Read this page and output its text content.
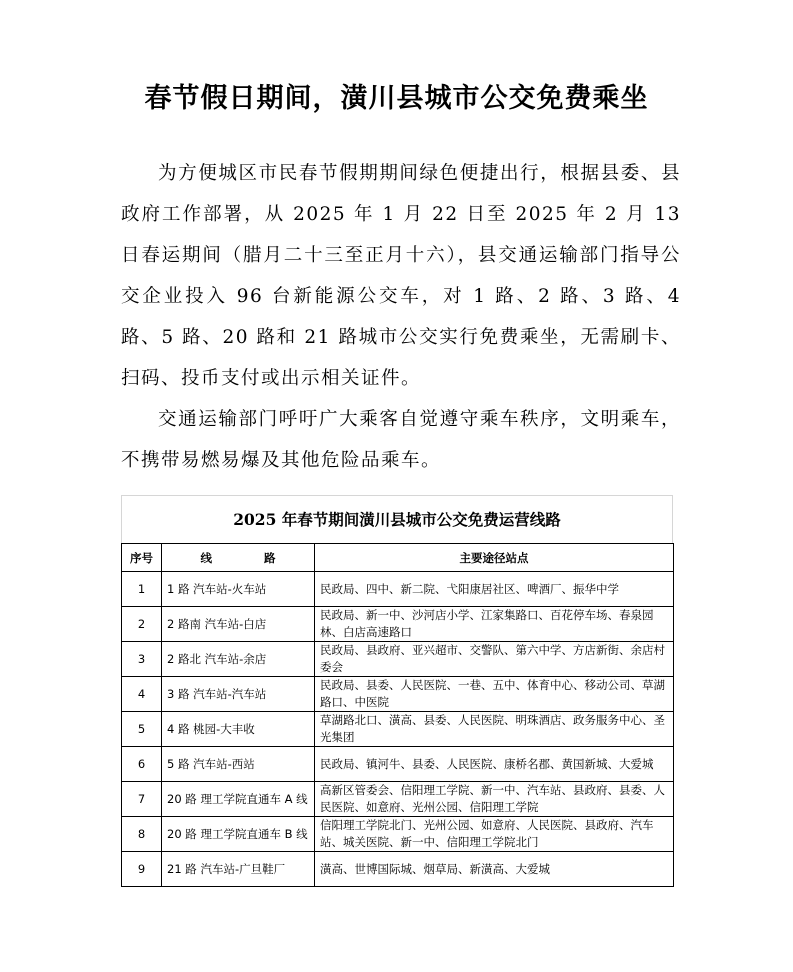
春节假日期间，潢川县城市公交免费乘坐

为方便城区市民春节假期期间绿色便捷出行，根据县委、县政府工作部署，从 2025 年 1 月 22 日至 2025 年 2 月 13 日春运期间（腊月二十三至正月十六），县交通运输部门指导公交企业投入 96 台新能源公交车，对 1 路、2 路、3 路、4 路、5 路、20 路和 21 路城市公交实行免费乘坐，无需刷卡、扫码、投币支付或出示相关证件。

交通运输部门呼吁广大乘客自觉遵守乘车秩序，文明乘车，不携带易燃易爆及其他危险品乘车。

2025 年春节期间潢川县城市公交免费运营线路
序号	线 路	主要途径站点
1	1 路 汽车站-火车站	民政局、四中、新二院、弋阳康居社区、啤酒厂、振华中学
2	2 路南 汽车站-白店	民政局、新一中、沙河店小学、江家集路口、百花停车场、春泉园林、白店高速路口
3	2 路北 汽车站-余店	民政局、县政府、亚兴超市、交警队、第六中学、方店新街、余店村委会
4	3 路 汽车站-汽车站	民政局、县委、人民医院、一巷、五中、体育中心、移动公司、草湖路口、中医院
5	4 路 桃园-大丰收	草湖路北口、潢高、县委、人民医院、明珠酒店、政务服务中心、圣光集团
6	5 路 汽车站-西站	民政局、镇河牛、县委、人民医院、康桥名郡、黄国新城、大爱城
7	20 路 理工学院直通车 A 线	高新区管委会、信阳理工学院、新一中、汽车站、县政府、县委、人民医院、如意府、光州公园、信阳理工学院
8	20 路 理工学院直通车 B 线	信阳理工学院北门、光州公园、如意府、人民医院、县政府、汽车站、城关医院、新一中、信阳理工学院北门
9	21 路 汽车站-广旦鞋厂	潢高、世博国际城、烟草局、新潢高、大爱城
